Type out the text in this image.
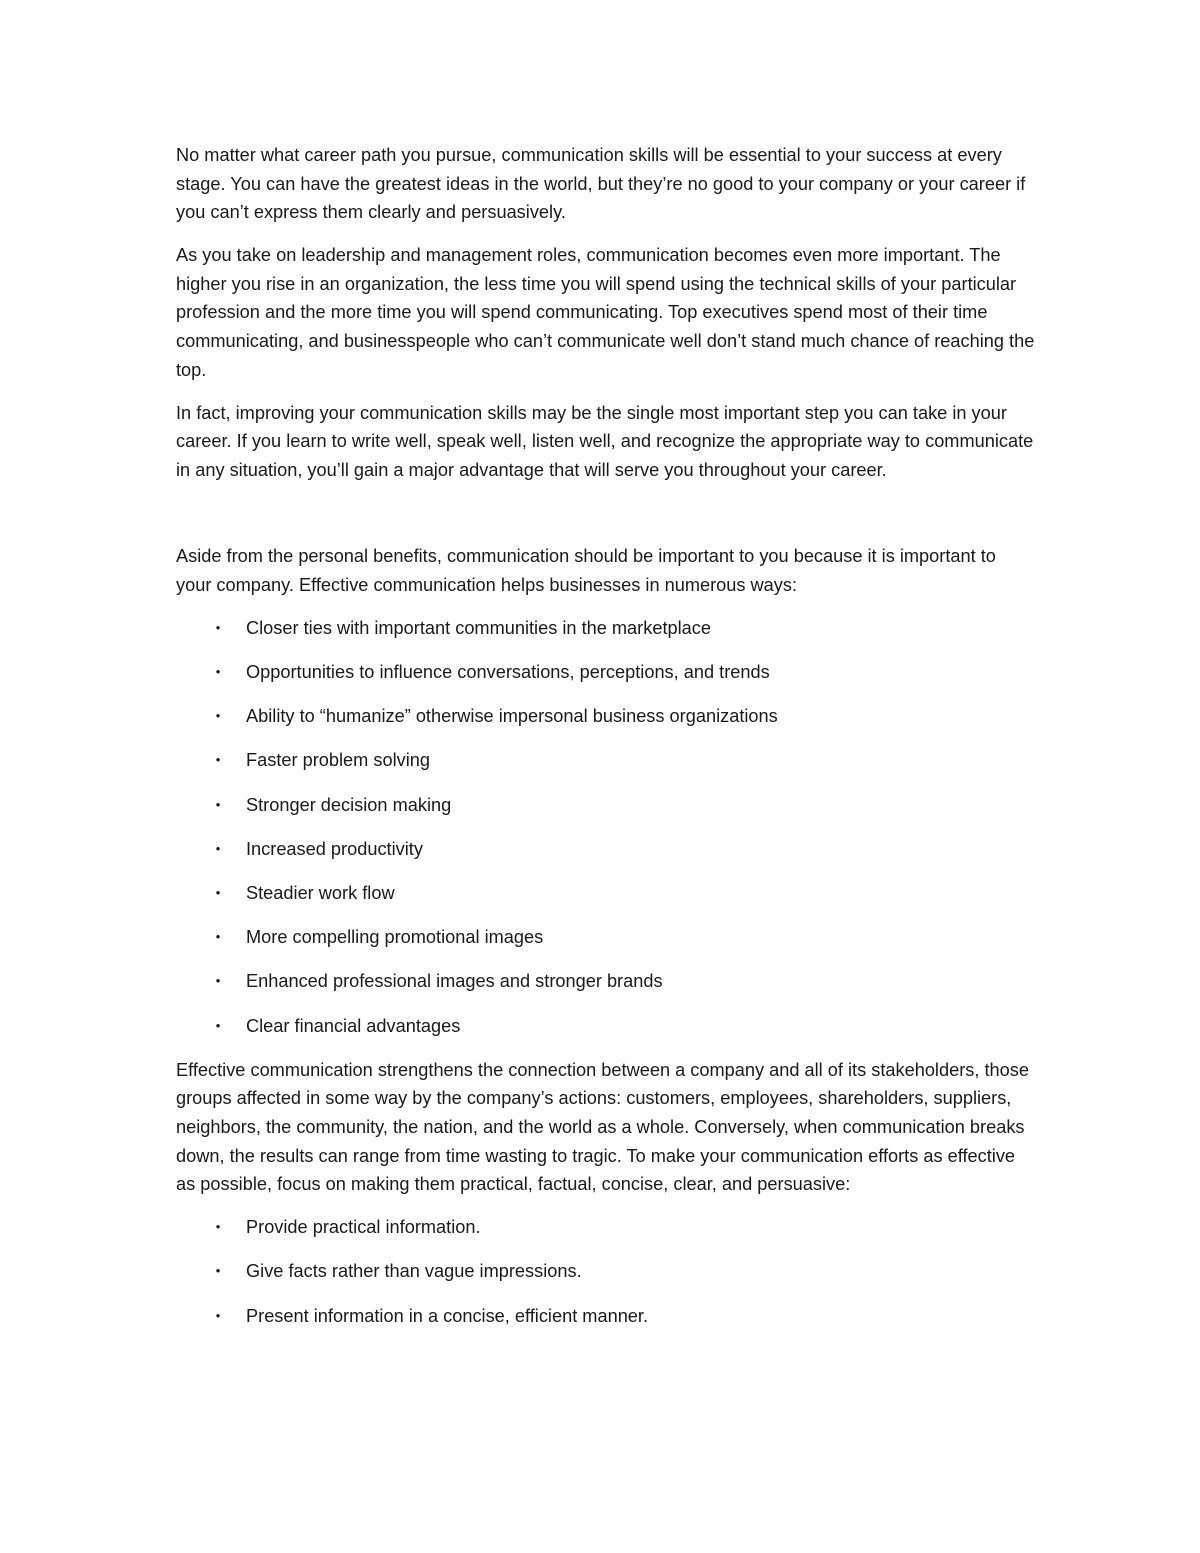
No matter what career path you pursue, communication skills will be essential to your success at every stage. You can have the greatest ideas in the world, but they’re no good to your company or your career if you can’t express them clearly and persuasively.

As you take on leadership and management roles, communication becomes even more important. The higher you rise in an organization, the less time you will spend using the technical skills of your particular profession and the more time you will spend communicating. Top executives spend most of their time communicating, and businesspeople who can’t communicate well don’t stand much chance of reaching the top.

In fact, improving your communication skills may be the single most important step you can take in your career. If you learn to write well, speak well, listen well, and recognize the appropriate way to communicate in any situation, you’ll gain a major advantage that will serve you throughout your career.

Aside from the personal benefits, communication should be important to you because it is important to your company. Effective communication helps businesses in numerous ways:

• Closer ties with important communities in the marketplace
• Opportunities to influence conversations, perceptions, and trends
• Ability to “humanize” otherwise impersonal business organizations
• Faster problem solving
• Stronger decision making
• Increased productivity
• Steadier work flow
• More compelling promotional images
• Enhanced professional images and stronger brands
• Clear financial advantages

Effective communication strengthens the connection between a company and all of its stakeholders, those groups affected in some way by the company’s actions: customers, employees, shareholders, suppliers, neighbors, the community, the nation, and the world as a whole. Conversely, when communication breaks down, the results can range from time wasting to tragic. To make your communication efforts as effective as possible, focus on making them practical, factual, concise, clear, and persuasive:

• Provide practical information.
• Give facts rather than vague impressions.
• Present information in a concise, efficient manner.
